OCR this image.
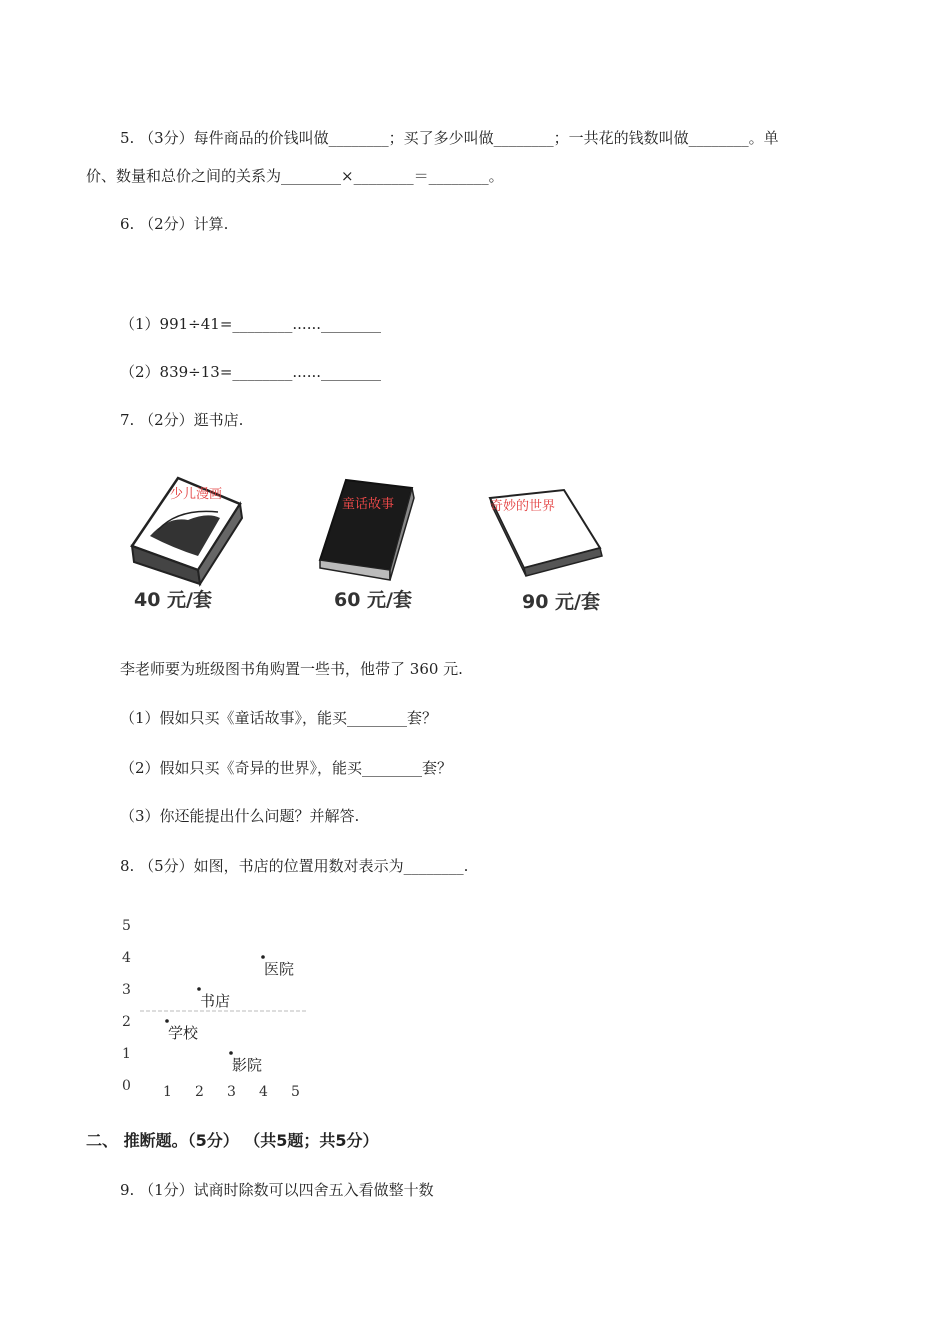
5. （3分）每件商品的价钱叫做________；买了多少叫做________；一共花的钱数叫做________。单
价、数量和总价之间的关系为________×________＝________。
6. （2分）计算.
（1）991÷41=________......________
（2）839÷13=________......________
7. （2分）逛书店.
少儿漫画
40 元/套
童话故事
60 元/套
奇妙的世界
90 元/套
李老师要为班级图书角购置一些书，他带了 360 元.
（1）假如只买《童话故事》，能买________套？
（2）假如只买《奇异的世界》，能买________套？
（3）你还能提出什么问题？并解答.
8. （5分）如图，书店的位置用数对表示为________.
0
1
2
3
4
5
1 2 3 4 5
医院
书店
学校
影院
二、 推断题。（5分） （共5题；共5分）
9. （1分）试商时除数可以四舍五入看做整十数
